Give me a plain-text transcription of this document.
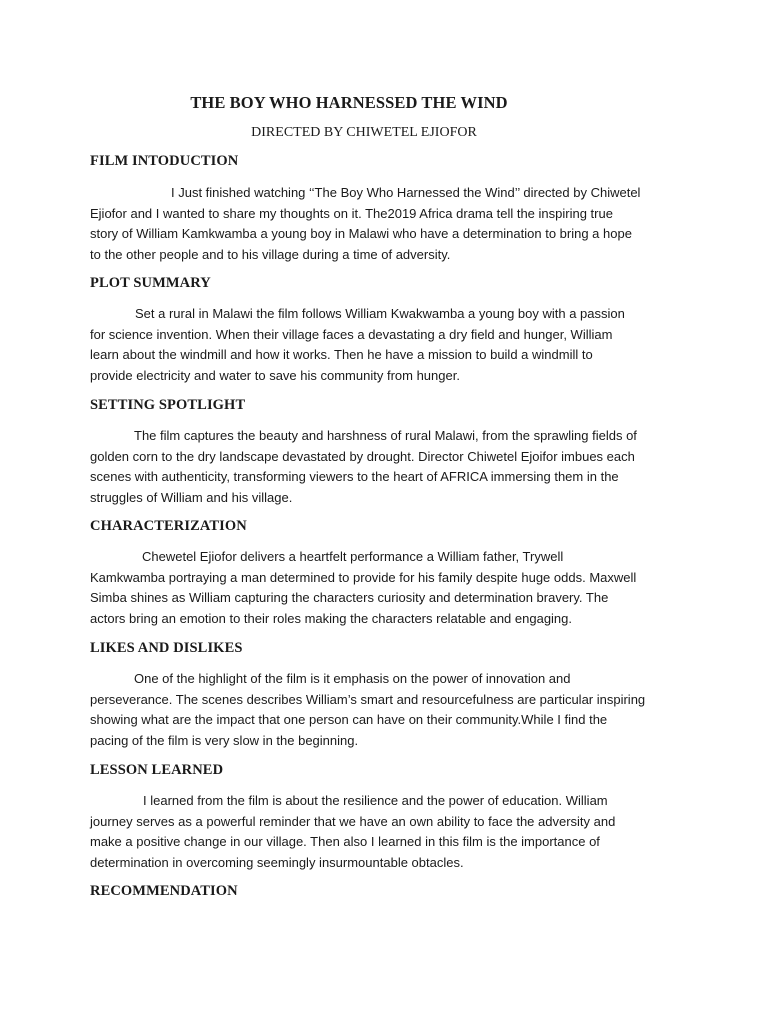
THE BOY WHO HARNESSED THE WIND
DIRECTED BY CHIWETEL EJIOFOR
FILM INTODUCTION

I Just finished watching ‘‘The Boy Who Harnessed the Wind’’ directed by Chiwetel
Ejiofor and I wanted to share my thoughts on it. The2019 Africa drama tell the inspiring true
story of William Kamkwamba a young boy in Malawi who have a determination to bring a hope
to the other people and to his village during a time of adversity.

PLOT SUMMARY

Set a rural in Malawi the film follows William Kwakwamba a young boy with a passion
for science invention. When their village faces a devastating a dry field and hunger, William
learn about the windmill and how it works. Then he have a mission to build a windmill to
provide electricity and water to save his community from hunger.

SETTING SPOTLIGHT

The film captures the beauty and harshness of rural Malawi, from the sprawling fields of
golden corn to the dry landscape devastated by drought. Director Chiwetel Ejoifor imbues each
scenes with authenticity, transforming viewers to the heart of AFRICA immersing them in the
struggles of William and his village.

CHARACTERIZATION

Chewetel Ejiofor delivers a heartfelt performance a William father, Trywell
Kamkwamba portraying a man determined to provide for his family despite huge odds. Maxwell
Simba shines as William capturing the characters curiosity and determination bravery. The
actors bring an emotion to their roles making the characters relatable and engaging.

LIKES AND DISLIKES

One of the highlight of the film is it emphasis on the power of innovation and
perseverance. The scenes describes William’s smart and resourcefulness are particular inspiring
showing what are the impact that one person can have on their community.While I find the
pacing of the film is very slow in the beginning.

LESSON LEARNED

I learned from the film is about the resilience and the power of education. William
journey serves as a powerful reminder that we have an own ability to face the adversity and
make a positive change in our village. Then also I learned in this film is the importance of
determination in overcoming seemingly insurmountable obtacles.

RECOMMENDATION
